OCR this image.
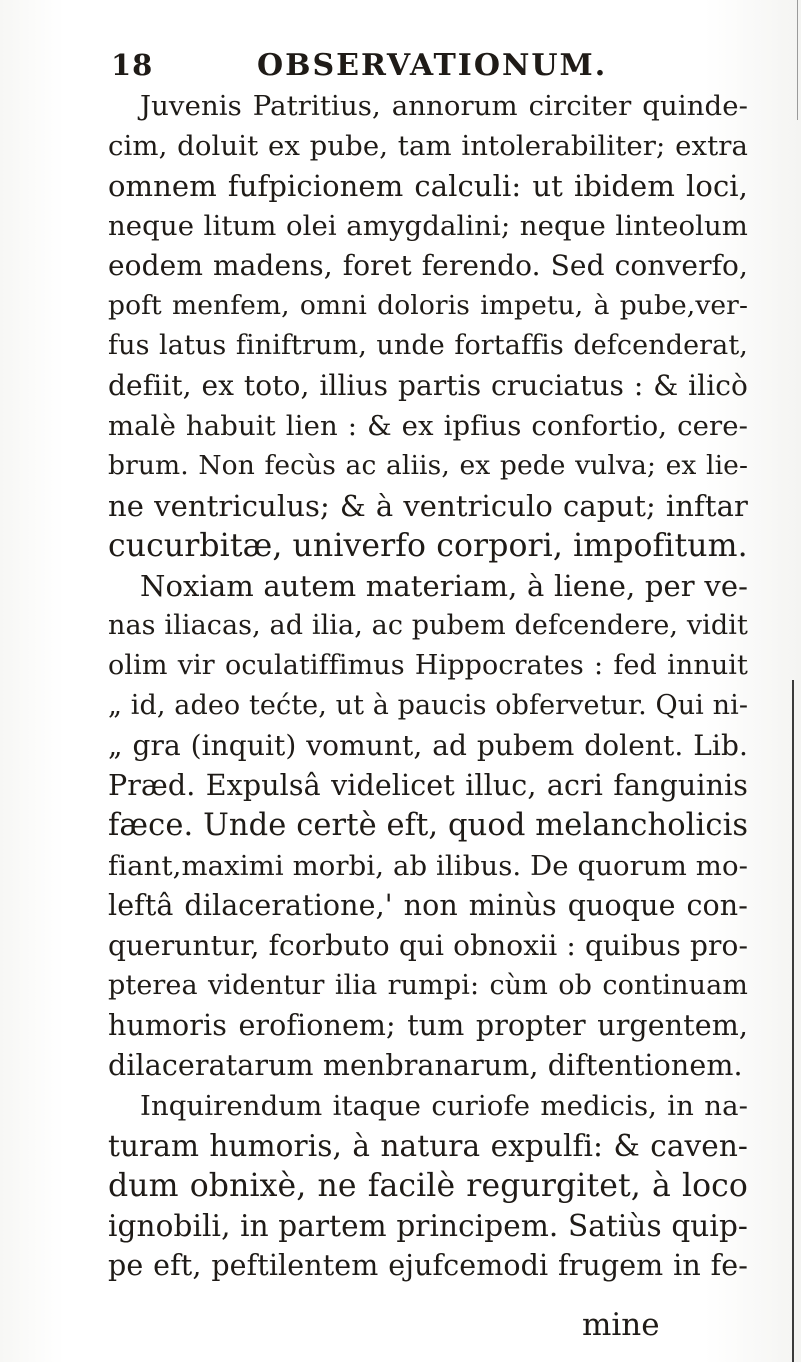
18	OBSERVATIONUM.
Juvenis Patritius, annorum circiter quinde-
cim, doluit ex pube, tam intolerabiliter; extra
omnem fufpicionem calculi: ut ibidem loci,
neque litum olei amygdalini; neque linteolum
eodem madens, foret ferendo. Sed converfo,
poft menfem, omni doloris impetu, à pube,ver-
fus latus finiftrum, unde fortaffis defcenderat,
defiit, ex toto, illius partis cruciatus : & ilicò
malè habuit lien : & ex ipfius confortio, cere-
brum. Non fecùs ac aliis, ex pede vulva; ex lie-
ne ventriculus; & à ventriculo caput; inftar
cucurbitæ, univerfo corpori, impofitum.
Noxiam autem materiam, à liene, per ve-
nas iliacas, ad ilia, ac pubem defcendere, vidit
olim vir oculatiffimus Hippocrates : fed innuit
„ id, adeo tećte, ut à paucis obfervetur. Qui ni-
„ gra (inquit) vomunt, ad pubem dolent. Lib.
Præd. Expulsâ videlicet illuc, acri fanguinis
fæce. Unde certè eft, quod melancholicis
fiant,maximi morbi, ab ilibus. De quorum mo-
leftâ dilaceratione,' non minùs quoque con-
queruntur, fcorbuto qui obnoxii : quibus pro-
pterea videntur ilia rumpi: cùm ob continuam
humoris erofionem; tum propter urgentem,
dilaceratarum menbranarum, diftentionem.
Inquirendum itaque curiofe medicis, in na-
turam humoris, à natura expulfi: & caven-
dum obnixè, ne facilè regurgitet, à loco
ignobili, in partem principem. Satiùs quip-
pe eft, peftilentem ejufcemodi frugem in fe-
mine
